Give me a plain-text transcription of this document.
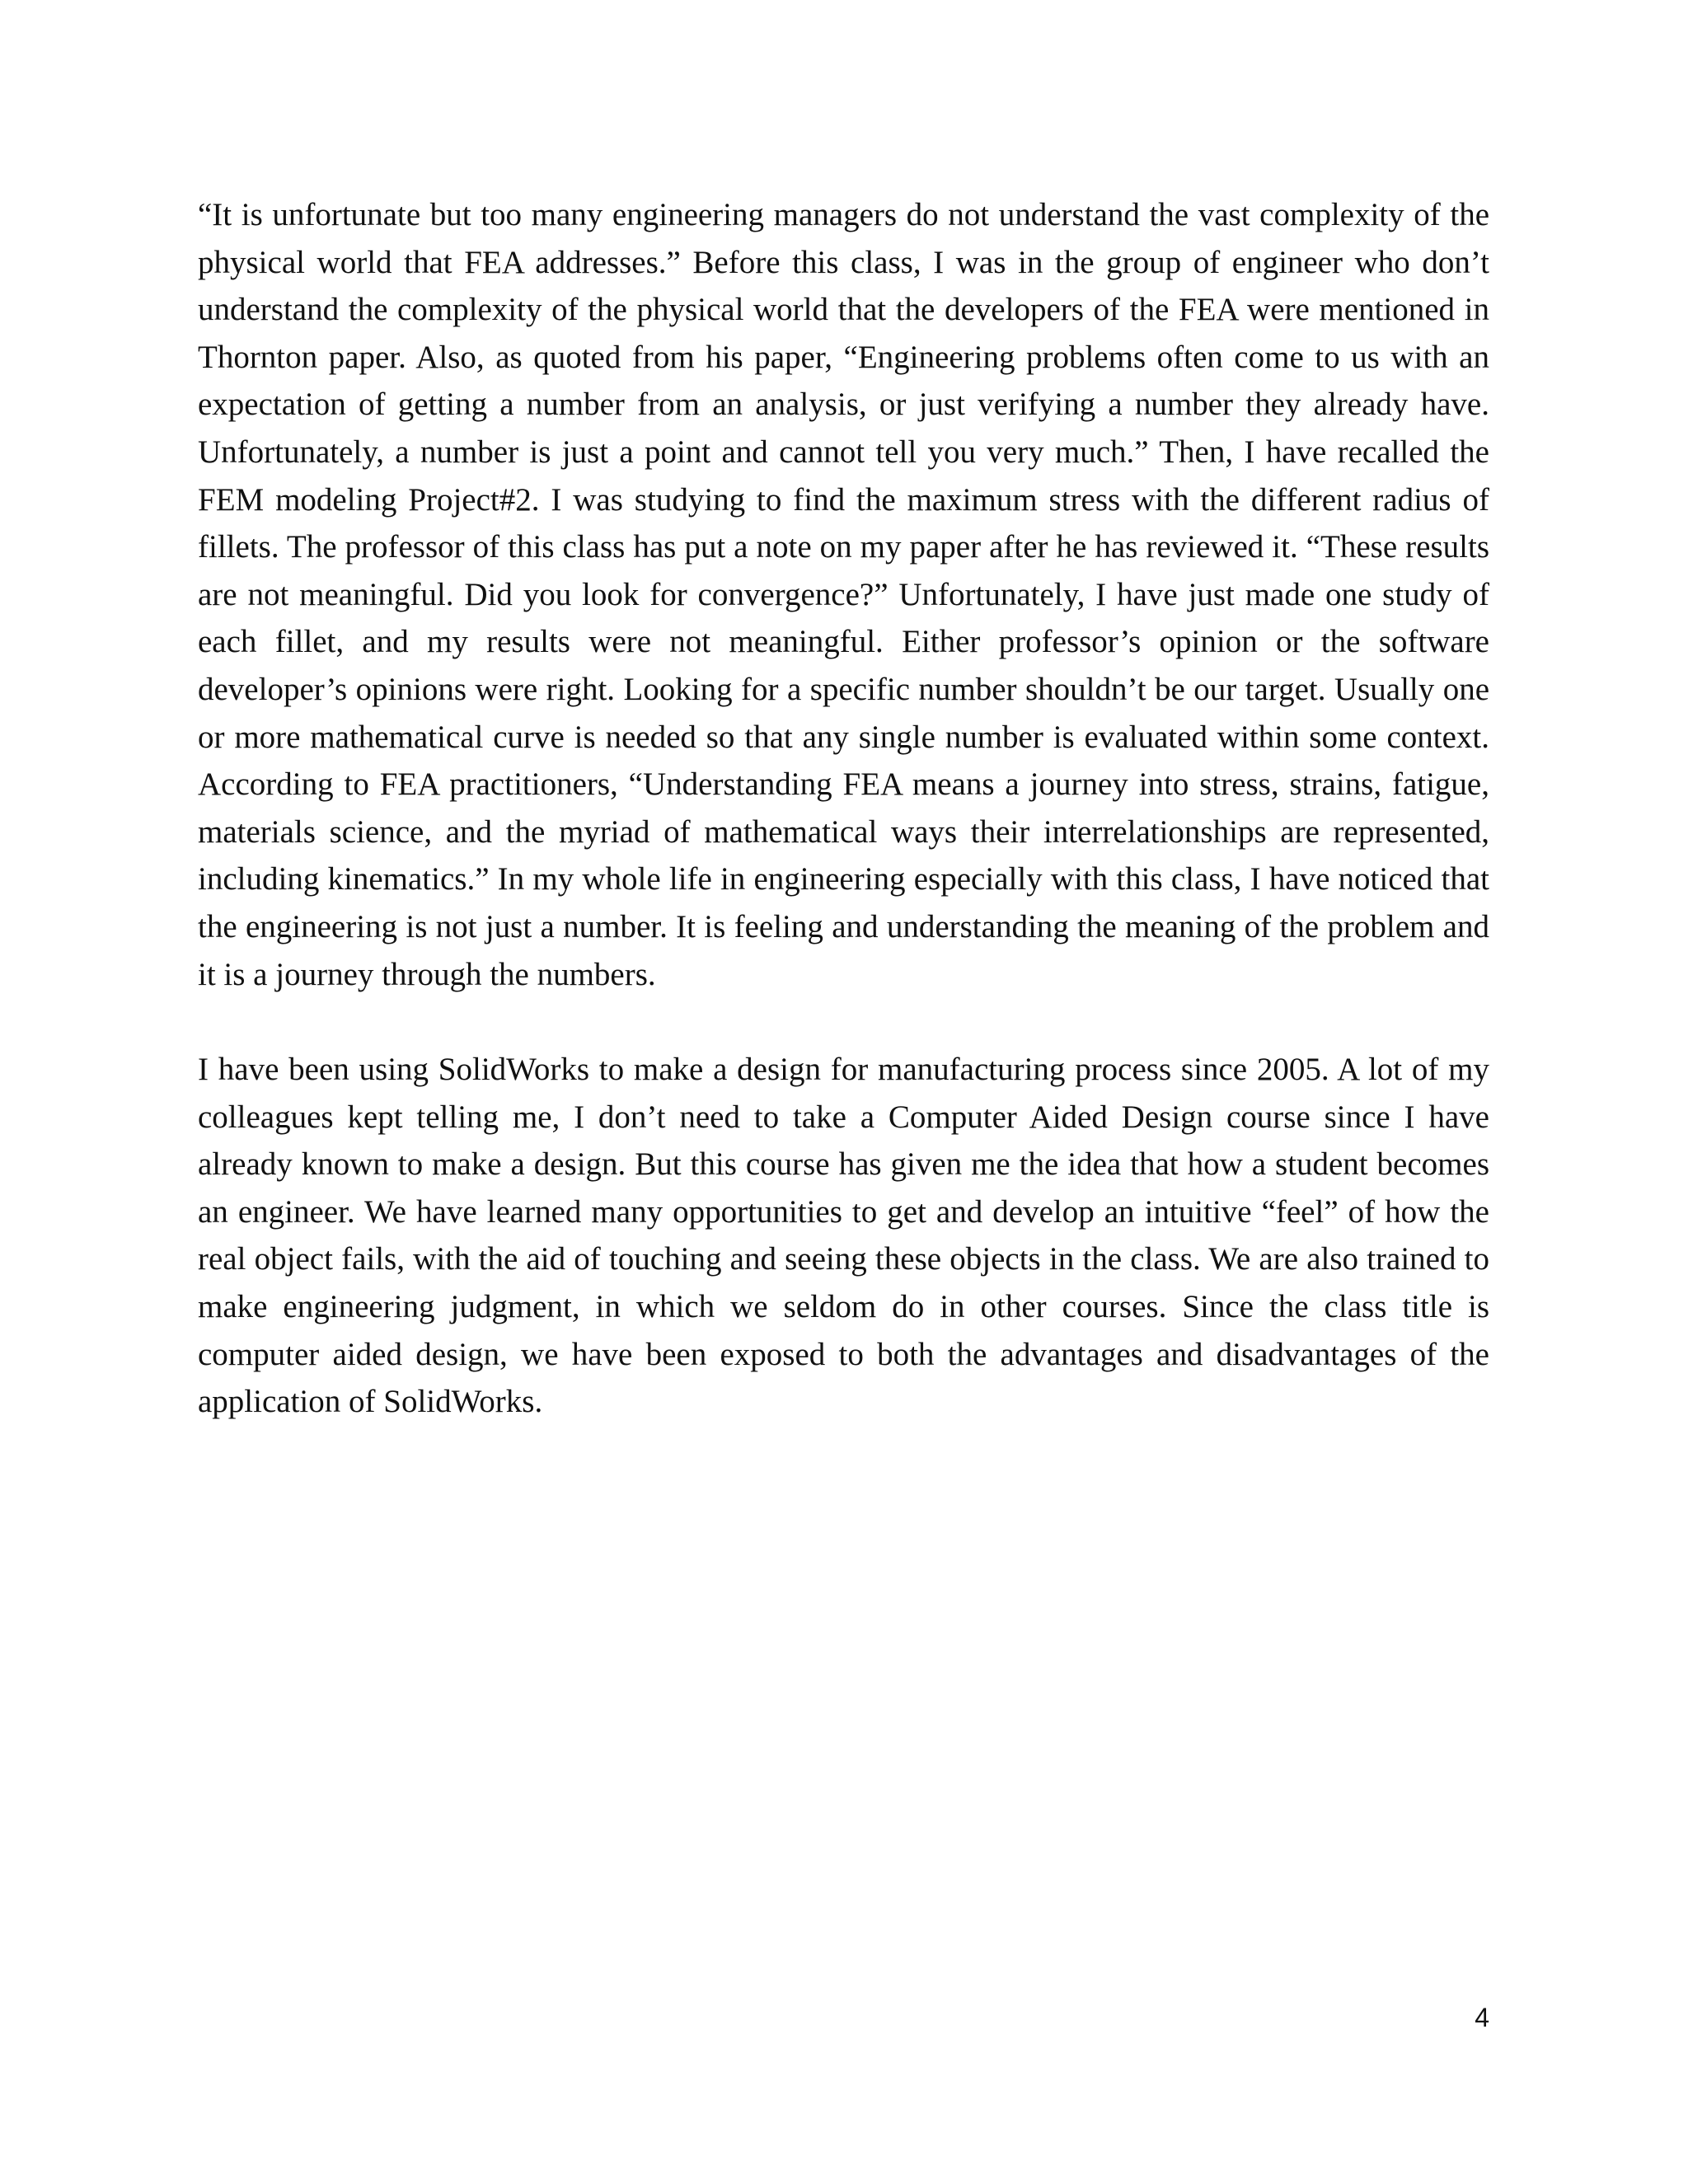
“It is unfortunate but too many engineering managers do not understand the vast complexity of the physical world that FEA addresses.” Before this class, I was in the group of engineer who don’t understand the complexity of the physical world that the developers of the FEA were mentioned in Thornton paper. Also, as quoted from his paper, “Engineering problems often come to us with an expectation of getting a number from an analysis, or just verifying a number they already have. Unfortunately, a number is just a point and cannot tell you very much.” Then, I have recalled the FEM modeling Project#2. I was studying to find the maximum stress with the different radius of fillets. The professor of this class has put a note on my paper after he has reviewed it. “These results are not meaningful. Did you look for convergence?” Unfortunately, I have just made one study of each fillet, and my results were not meaningful. Either professor’s opinion or the software developer’s opinions were right. Looking for a specific number shouldn’t be our target. Usually one or more mathematical curve is needed so that any single number is evaluated within some context. According to FEA practitioners, “Understanding FEA means a journey into stress, strains, fatigue, materials science, and the myriad of mathematical ways their interrelationships are represented, including kinematics.” In my whole life in engineering especially with this class, I have noticed that the engineering is not just a number. It is feeling and understanding the meaning of the problem and it is a journey through the numbers.

I have been using SolidWorks to make a design for manufacturing process since 2005. A lot of my colleagues kept telling me, I don’t need to take a Computer Aided Design course since I have already known to make a design. But this course has given me the idea that how a student becomes an engineer. We have learned many opportunities to get and develop an intuitive “feel” of how the real object fails, with the aid of touching and seeing these objects in the class. We are also trained to make engineering judgment, in which we seldom do in other courses. Since the class title is computer aided design, we have been exposed to both the advantages and disadvantages of the application of SolidWorks.

4
